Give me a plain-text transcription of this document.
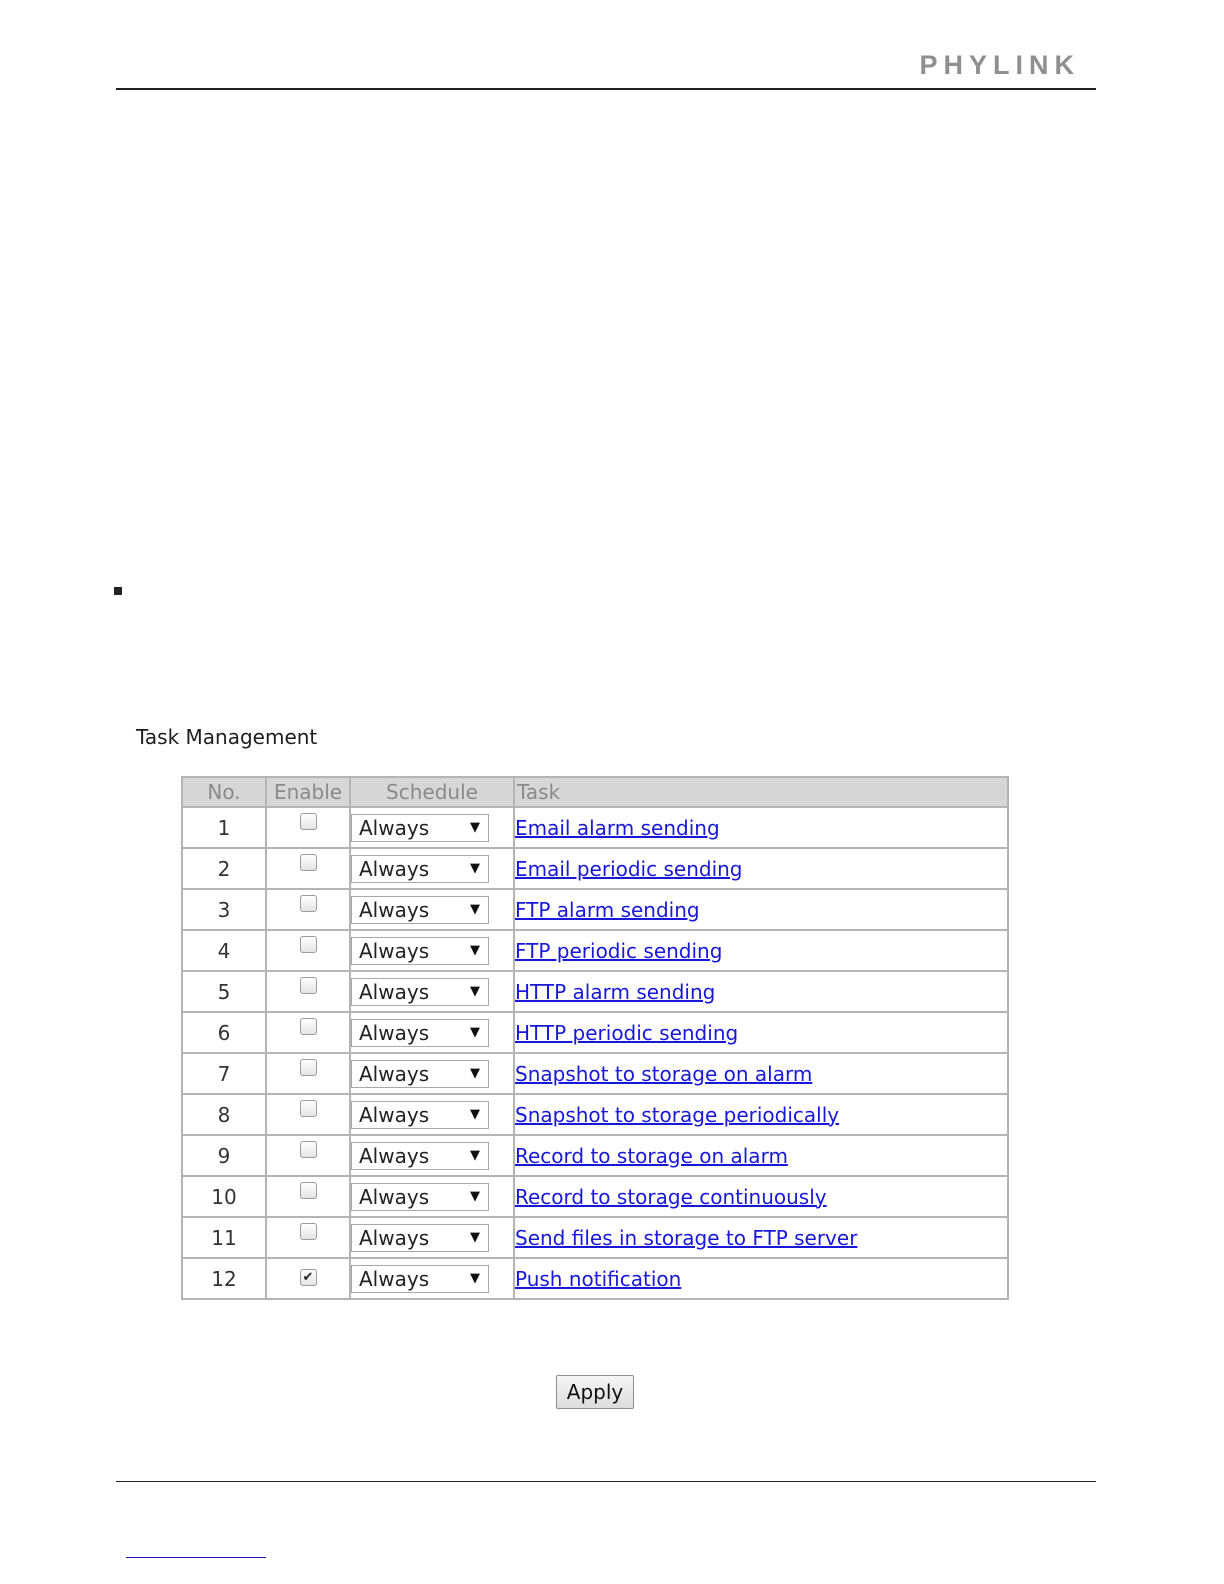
PHYLINK
Task Management
No.	Enable	Schedule	Task
1		Always ▼	Email alarm sending
2		Always ▼	Email periodic sending
3		Always ▼	FTP alarm sending
4		Always ▼	FTP periodic sending
5		Always ▼	HTTP alarm sending
6		Always ▼	HTTP periodic sending
7		Always ▼	Snapshot to storage on alarm
8		Always ▼	Snapshot to storage periodically
9		Always ▼	Record to storage on alarm
10		Always ▼	Record to storage continuously
11		Always ▼	Send files in storage to FTP server
12	✔	Always ▼	Push notification
Apply
